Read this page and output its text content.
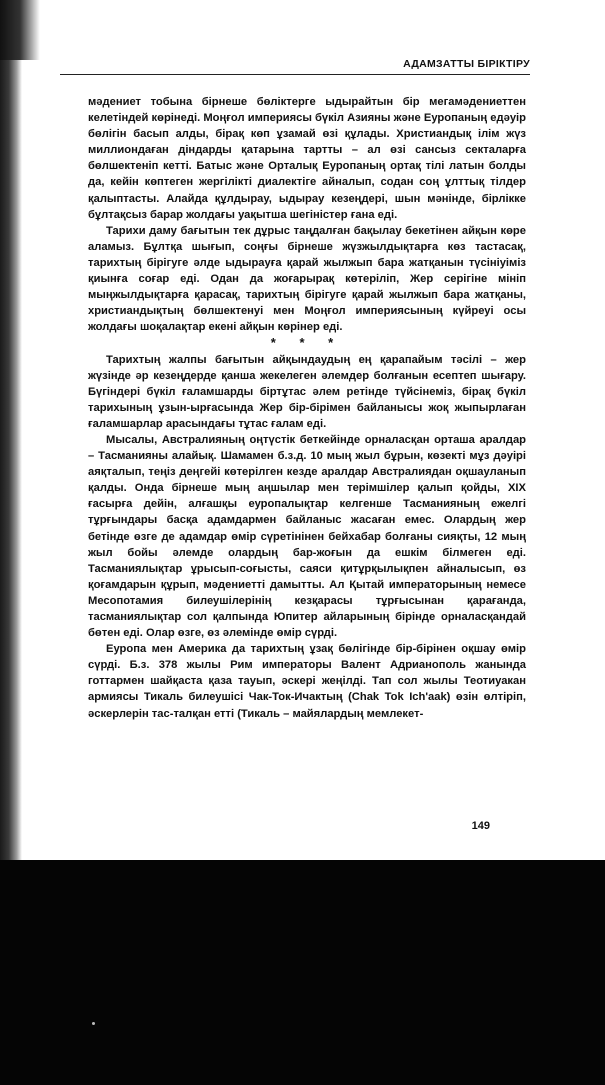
АДАМЗАТТЫ БІРІКТІРУ

мәдениет тобына бірнеше бөліктерге ыдырайтын бір мегамәдениеттен келетіндей көрінеді. Моңғол империясы бүкіл Азияны және Еуропаның едәуір бөлігін басып алды, бірақ көп ұзамай өзі құлады. Христиандық ілім жүз миллиондаған діндарды қатарына тартты – ал өзі сансыз секталарға бөлшектеніп кетті. Батыс және Орталық Еуропаның ортақ тілі латын болды да, кейін көптеген жергілікті диалектіге айналып, содан соң ұлттық тілдер қалыптасты. Алайда құлдырау, ыдырау кезеңдері, шын мәнінде, бірлікке бұлтақсыз барар жолдағы уақытша шегіністер ғана еді.

Тарихи даму бағытын тек дұрыс таңдалған бақылау бекетінен айқын көре аламыз. Бұлтқа шығып, соңғы бірнеше жүзжылдықтарға көз тастасақ, тарихтың бірігуге әлде ыдырауға қарай жылжып бара жатқанын түсініуіміз қиынға соғар еді. Одан да жоғарырақ көтеріліп, Жер серігіне мініп мыңжылдықтарға қарасақ, тарихтың бірігуге қарай жылжып бара жатқаны, христиандықтың бөлшектенуі мен Моңғол империясының күйреуі осы жолдағы шоқалақтар екені айқын көрінер еді.

* * *

Тарихтың жалпы бағытын айқындаудың ең қарапайым тәсілі – жер жүзінде әр кезеңдерде қанша жекелеген әлемдер болғанын есептеп шығару. Бүгіндері бүкіл ғаламшарды біртұтас әлем ретінде түйсінеміз, бірақ бүкіл тарихының ұзын-ырғасында Жер бір-бірімен байланысы жоқ жыпырлаған ғаламшарлар арасындағы тұтас ғалам еді.

Мысалы, Австралияның оңтүстік беткейінде орналасқан орташа аралдар – Тасманияны алайық. Шамамен б.з.д. 10 мың жыл бұрын, көзекті мұз дәуірі аяқталып, теңіз деңгейі көтерілген кезде аралдар Австралиядан оқшауланып қалды. Онда бірнеше мың аңшылар мен терімшілер қалып қойды, XIX ғасырға дейін, алғашқы еуропалықтар келгенше Тасманияның ежелгі тұрғындары басқа адамдармен байланыс жасаған емес. Олардың жер бетінде өзге де адамдар өмір сүретінінен бейхабар болғаны сияқты, 12 мың жыл бойы әлемде олардың бар-жоғын да ешкім білмеген еді. Тасманиялықтар ұрысып-соғысты, саяси қитұрқылықпен айналысып, өз қоғамдарын құрып, мәдениетті дамытты. Ал Қытай императорының немесе Месопотамия билеушілерінің кезқарасы тұрғысынан қарағанда, тасманиялықтар сол қалпында Юпитер айларының бірінде орналасқандай бөтен еді. Олар өзге, өз әлемінде өмір сүрді.

Еуропа мен Америка да тарихтың ұзақ бөлігінде бір-бірінен оқшау өмір сүрді. Б.з. 378 жылы Рим императоры Валент Адрианополь жанында готтармен шайқаста қаза тауып, әскері жеңілді. Тап сол жылы Теотиуакан армиясы Тикаль билеушісі Чак-Ток-Ичактың (Chak Tok Ich'aak) өзін өлтіріп, әскерлерін тас-талқан етті (Тикаль – майялардың мемлекет-

149
